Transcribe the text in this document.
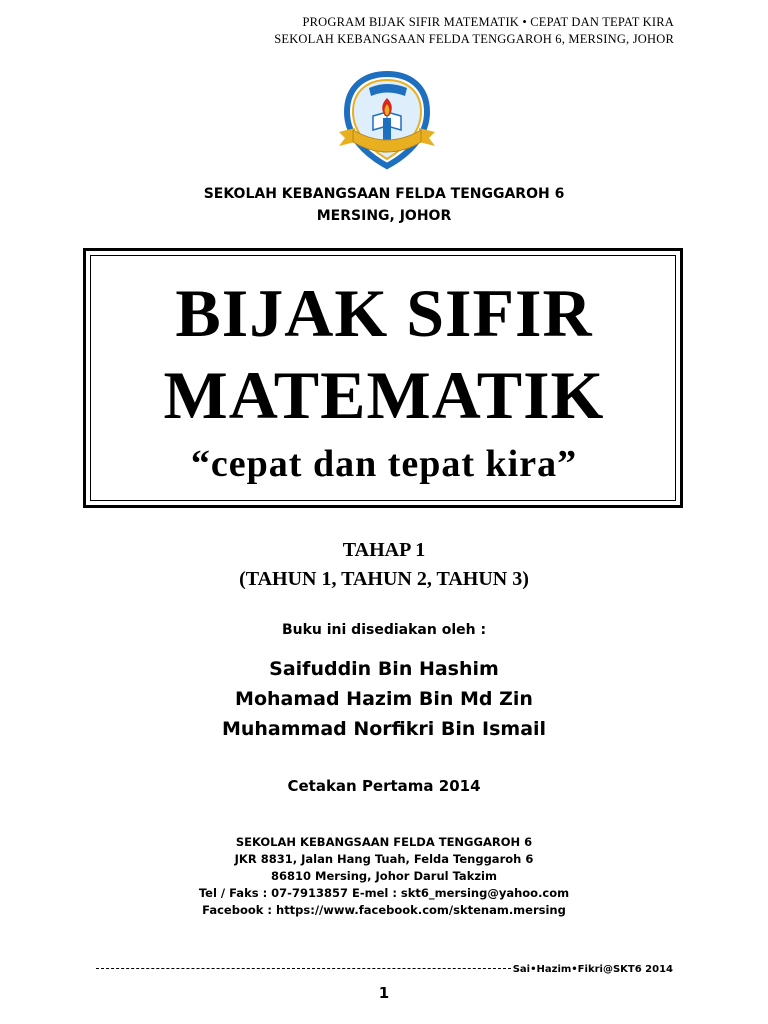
PROGRAM BIJAK SIFIR MATEMATIK • CEPAT DAN TEPAT KIRA
SEKOLAH KEBANGSAAN FELDA TENGGAROH 6, MERSING, JOHOR
SEKOLAH KEBANGSAAN FELDA TENGGAROH 6
MERSING, JOHOR
BIJAK SIFIR
MATEMATIK
“cepat dan tepat kira”
TAHAP 1
(TAHUN 1, TAHUN 2, TAHUN 3)
Buku ini disediakan oleh :
Saifuddin Bin Hashim
Mohamad Hazim Bin Md Zin
Muhammad Norfikri Bin Ismail
Cetakan Pertama 2014
SEKOLAH KEBANGSAAN FELDA TENGGAROH 6
JKR 8831, Jalan Hang Tuah, Felda Tenggaroh 6
86810 Mersing, Johor Darul Takzim
Tel / Faks : 07-7913857 E-mel : skt6_mersing@yahoo.com
Facebook : https://www.facebook.com/sktenam.mersing
Sai•Hazim•Fikri@SKT6 2014
1
